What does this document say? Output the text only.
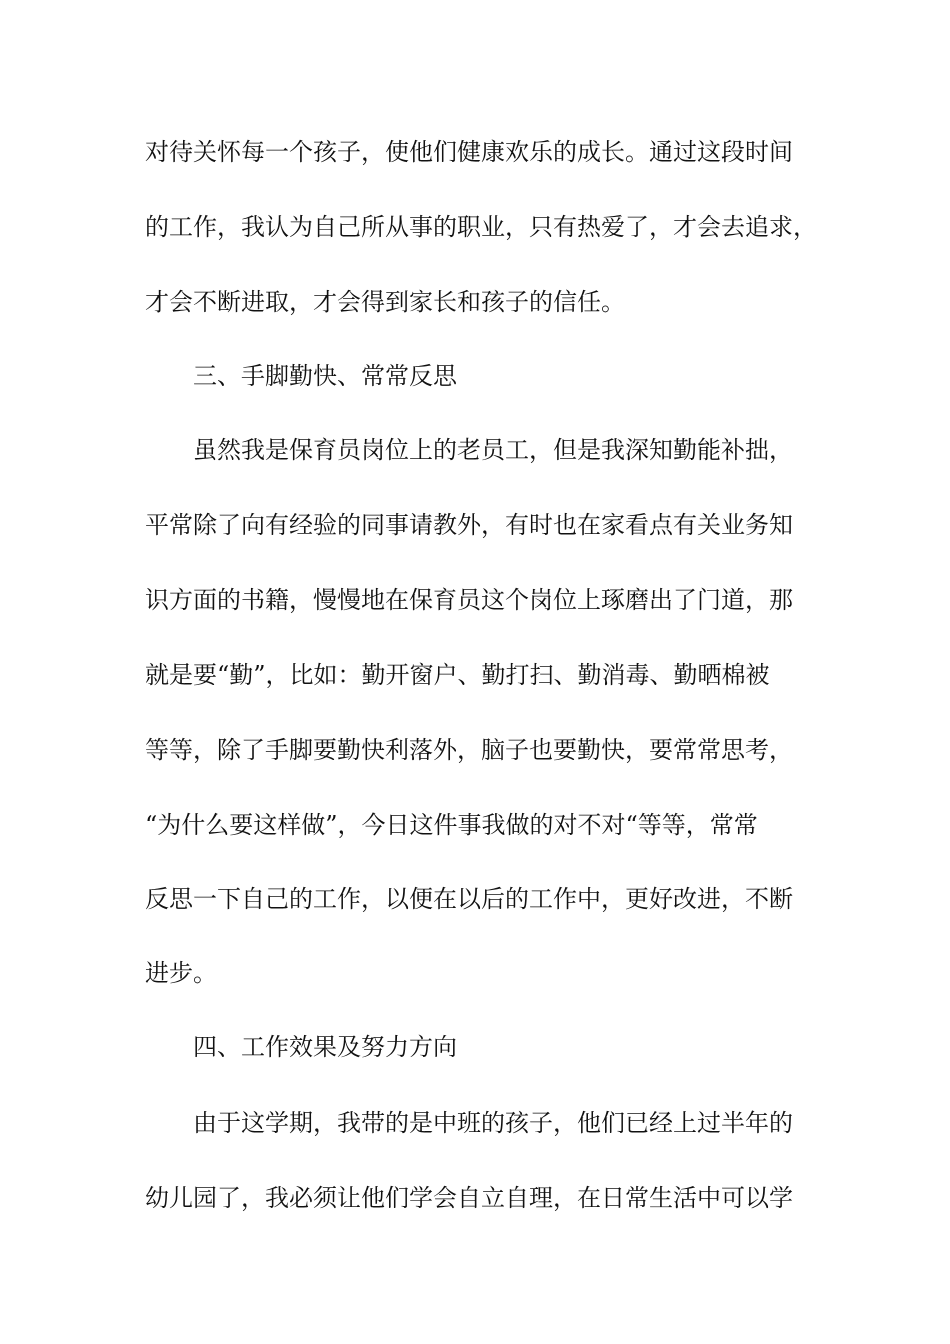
对待关怀每一个孩子，使他们健康欢乐的成长。通过这段时间
的工作，我认为自己所从事的职业，只有热爱了，才会去追求，
才会不断进取，才会得到家长和孩子的信任。
三、手脚勤快、常常反思
虽然我是保育员岗位上的老员工，但是我深知勤能补拙，
平常除了向有经验的同事请教外，有时也在家看点有关业务知
识方面的书籍，慢慢地在保育员这个岗位上琢磨出了门道，那
就是要“勤”，比如：勤开窗户、勤打扫、勤消毒、勤晒棉被
等等，除了手脚要勤快利落外，脑子也要勤快，要常常思考，
“为什么要这样做”，今日这件事我做的对不对“等等，常常
反思一下自己的工作，以便在以后的工作中，更好改进，不断
进步。
四、工作效果及努力方向
由于这学期，我带的是中班的孩子，他们已经上过半年的
幼儿园了，我必须让他们学会自立自理，在日常生活中可以学
